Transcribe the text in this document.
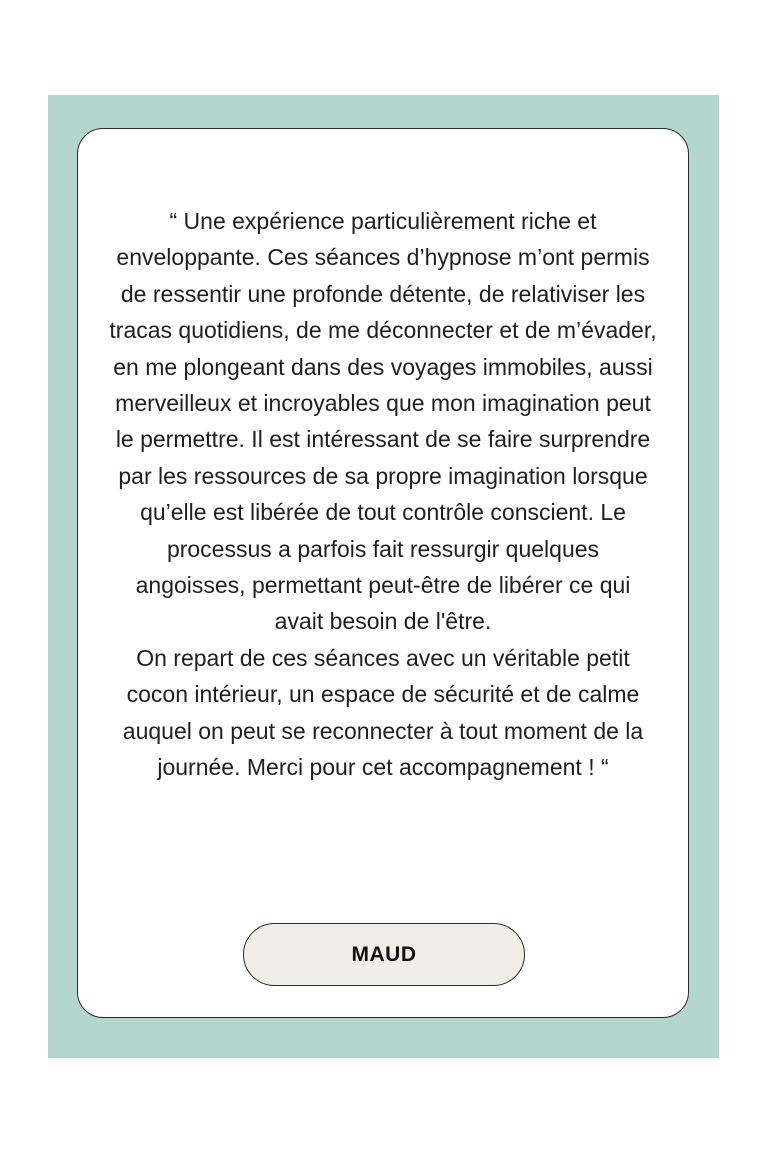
“ Une expérience particulièrement riche et enveloppante. Ces séances d’hypnose m’ont permis de ressentir une profonde détente, de relativiser les tracas quotidiens, de me déconnecter et de m’évader, en me plongeant dans des voyages immobiles, aussi merveilleux et incroyables que mon imagination peut le permettre. Il est intéressant de se faire surprendre par les ressources de sa propre imagination lorsque qu’elle est libérée de tout contrôle conscient. Le processus a parfois fait ressurgir quelques angoisses, permettant peut-être de libérer ce qui avait besoin de l'être.

On repart de ces séances avec un véritable petit cocon intérieur, un espace de sécurité et de calme auquel on peut se reconnecter à tout moment de la journée. Merci pour cet accompagnement ! “

MAUD
